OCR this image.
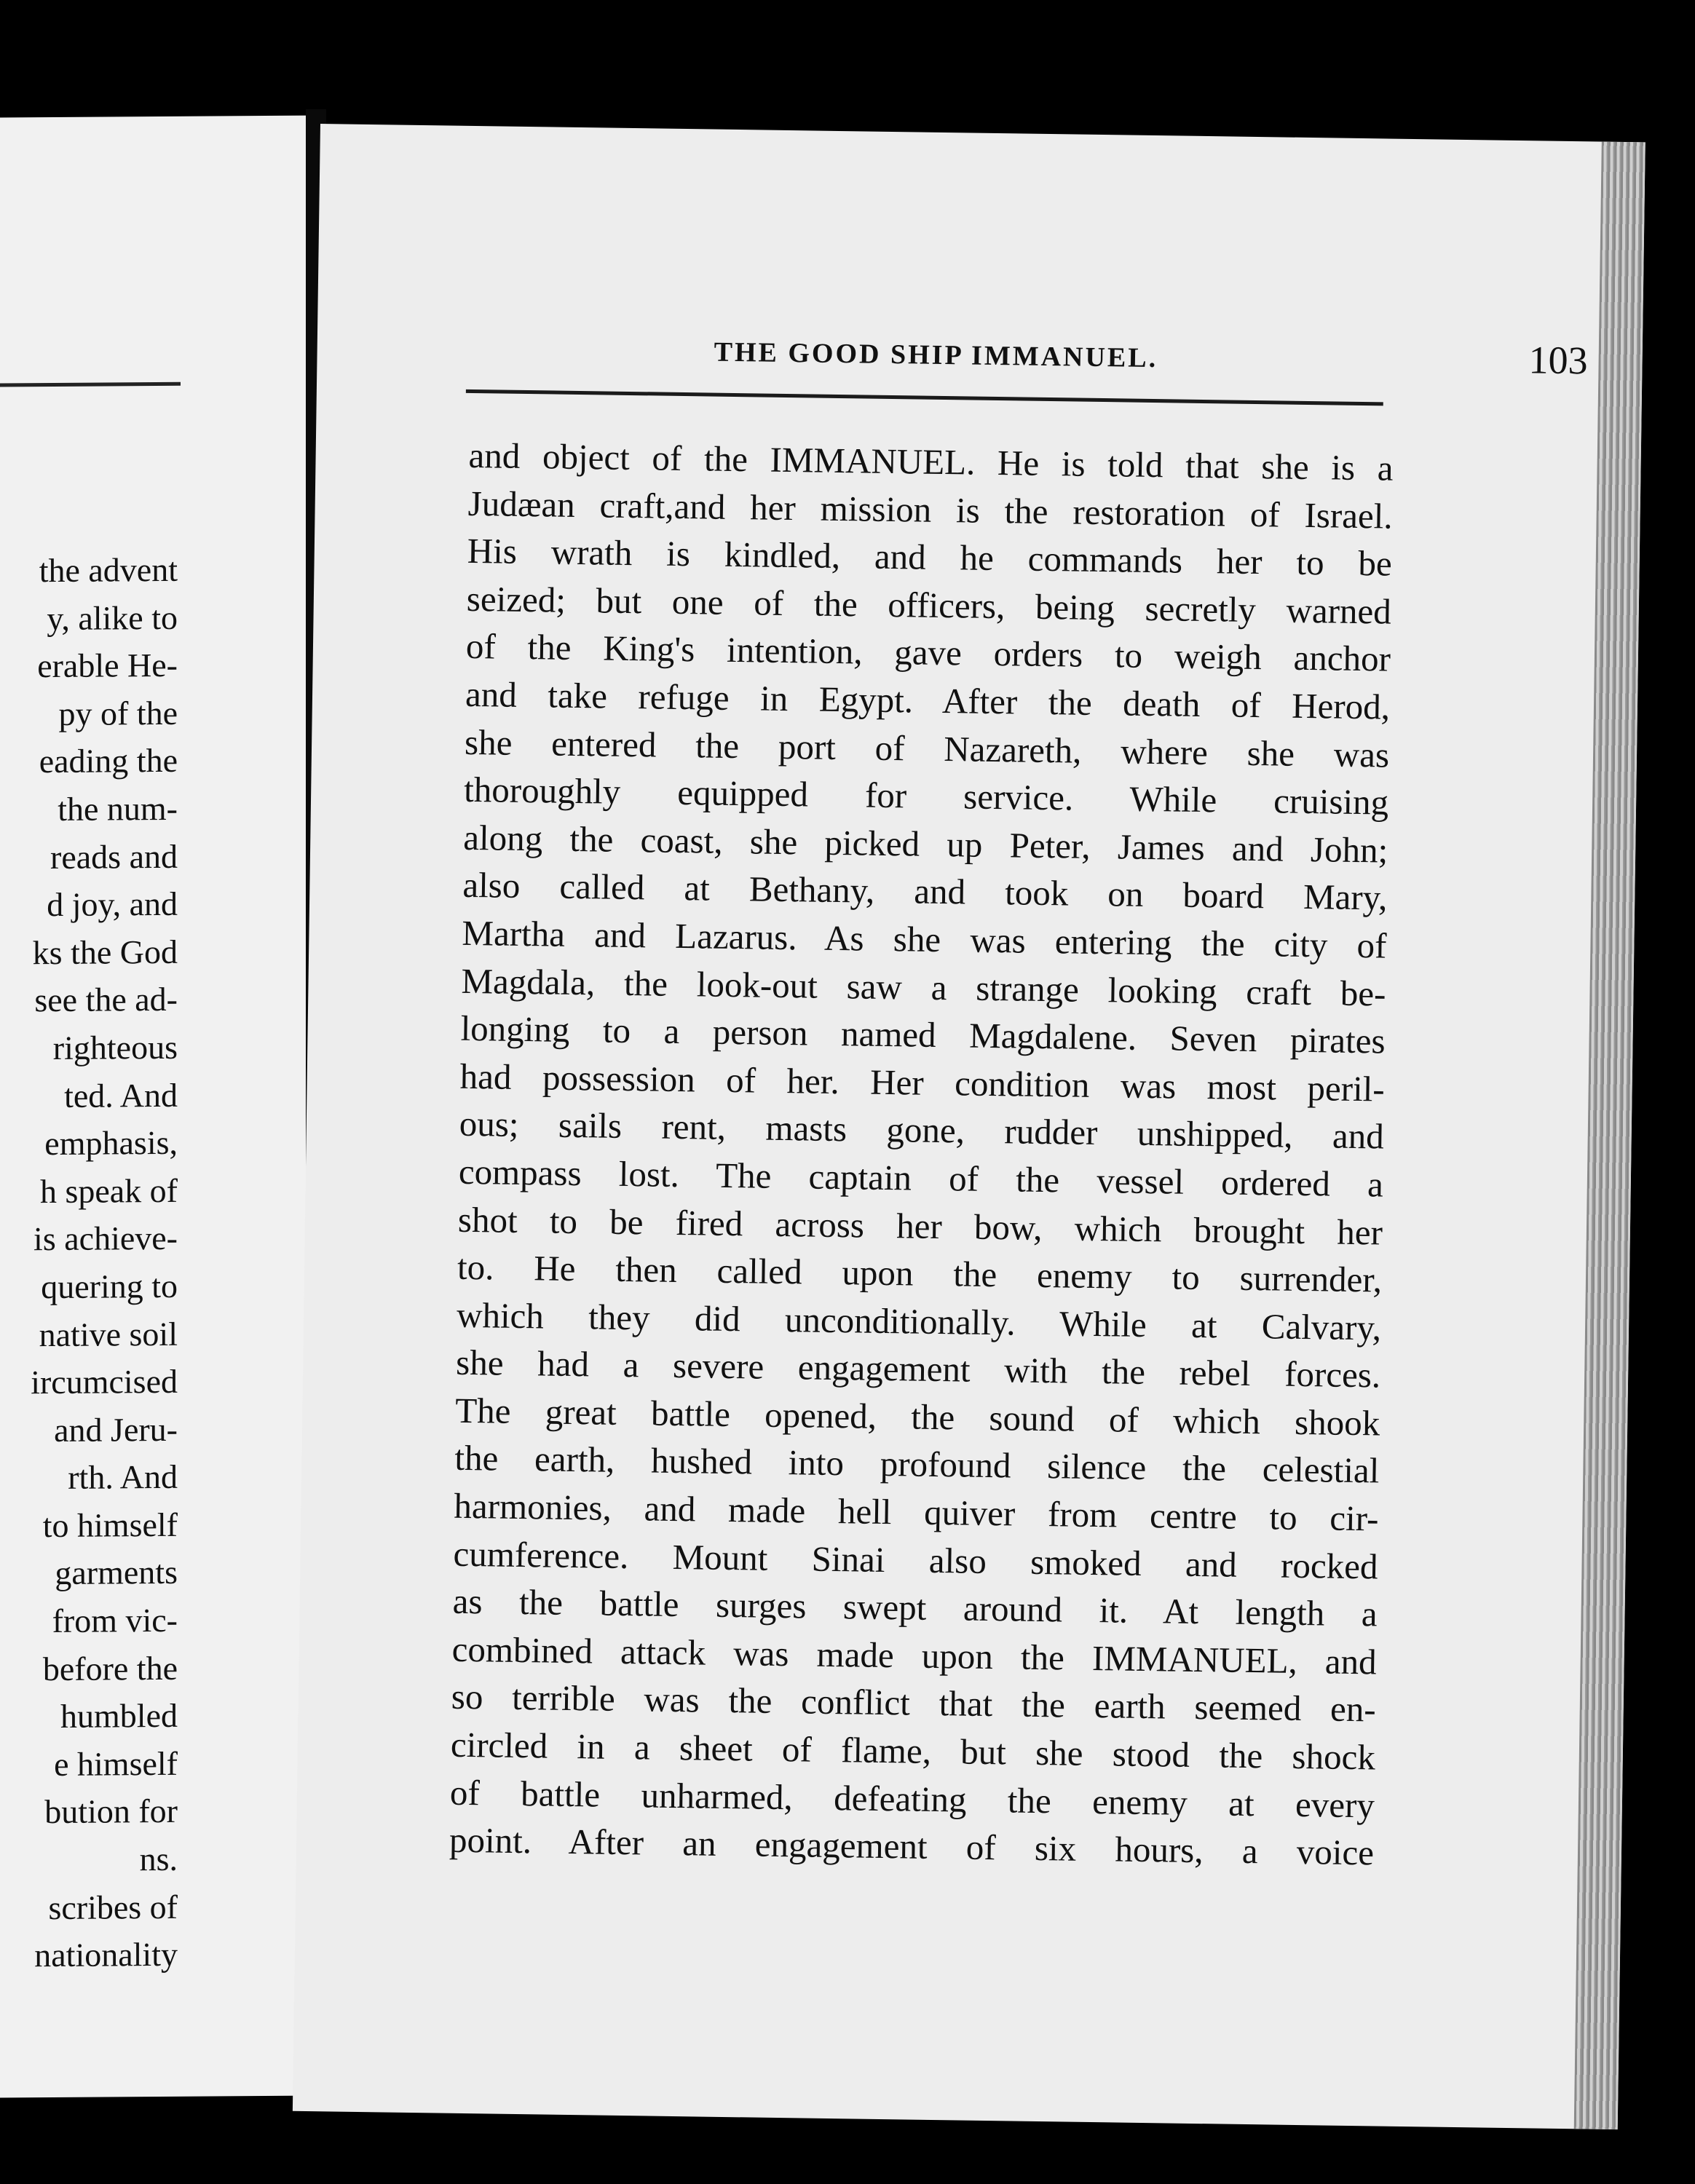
the advent
y, alike to
erable He-
py of the
eading the
the num-
reads and
d joy, and
ks the God
see the ad-
righteous
ted. And
emphasis,
h speak of
is achieve-
quering to
native soil
ircumcised
and Jeru-
rth. And
to himself
garments
from vic-
before the
humbled
e himself
bution for
ns.
scribes of
nationality
THE GOOD SHIP IMMANUEL.	103
and object of the IMMANUEL. He is told that she is a
Judæan craft,and her mission is the restoration of Israel.
His wrath is kindled, and he commands her to be
seized; but one of the officers, being secretly warned
of the King's intention, gave orders to weigh anchor
and take refuge in Egypt. After the death of Herod,
she entered the port of Nazareth, where she was
thoroughly equipped for service. While cruising
along the coast, she picked up Peter, James and John;
also called at Bethany, and took on board Mary,
Martha and Lazarus. As she was entering the city of
Magdala, the look-out saw a strange looking craft be-
longing to a person named Magdalene. Seven pirates
had possession of her. Her condition was most peril-
ous; sails rent, masts gone, rudder unshipped, and
compass lost. The captain of the vessel ordered a
shot to be fired across her bow, which brought her
to. He then called upon the enemy to surrender,
which they did unconditionally. While at Calvary,
she had a severe engagement with the rebel forces.
The great battle opened, the sound of which shook
the earth, hushed into profound silence the celestial
harmonies, and made hell quiver from centre to cir-
cumference. Mount Sinai also smoked and rocked
as the battle surges swept around it. At length a
combined attack was made upon the IMMANUEL, and
so terrible was the conflict that the earth seemed en-
circled in a sheet of flame, but she stood the shock
of battle unharmed, defeating the enemy at every
point. After an engagement of six hours, a voice
